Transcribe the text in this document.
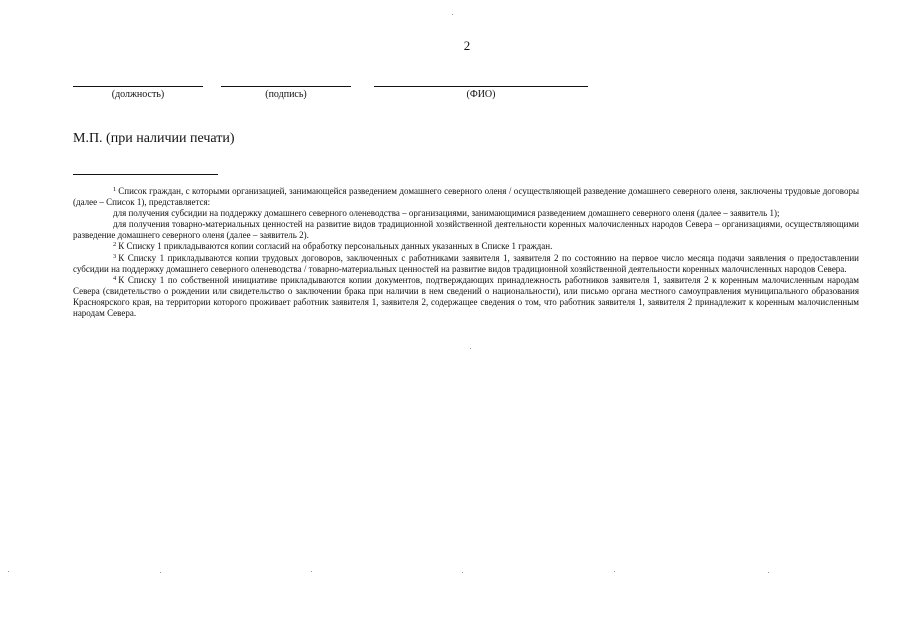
2
(должность)	(подпись)	(ФИО)
М.П. (при наличии печати)

$^1$ Список граждан, с которыми организацией, занимающейся разведением домашнего северного оленя / осуществляющей разведение домашнего северного оленя, заключены трудовые договоры (далее – Список 1), представляется:

для получения субсидии на поддержку домашнего северного оленеводства – организациями, занимающимися разведением домашнего северного оленя (далее – заявитель 1);

для получения товарно-материальных ценностей на развитие видов традиционной хозяйственной деятельности коренных малочисленных народов Севера – организациями, осуществляющими разведение домашнего северного оленя (далее – заявитель 2).

$^2$ К Списку 1 прикладываются копии согласий на обработку персональных данных указанных в Списке 1 граждан.

$^3$ К Списку 1 прикладываются копии трудовых договоров, заключенных с работниками заявителя 1, заявителя 2 по состоянию на первое число месяца подачи заявления о предоставлении субсидии на поддержку домашнего северного оленеводства / товарно-материальных ценностей на развитие видов традиционной хозяйственной деятельности коренных малочисленных народов Севера.

$^4$ К Списку 1 по собственной инициативе прикладываются копии документов, подтверждающих принадлежность работников заявителя 1, заявителя 2 к коренным малочисленным народам Севера (свидетельство о рождении или свидетельство о заключении брака при наличии в нем сведений о национальности), или письмо органа местного самоуправления муниципального образования Красноярского края, на территории которого проживает работник заявителя 1, заявителя 2, содержащее сведения о том, что работник заявителя 1, заявителя 2 принадлежит к коренным малочисленным народам Севера.
